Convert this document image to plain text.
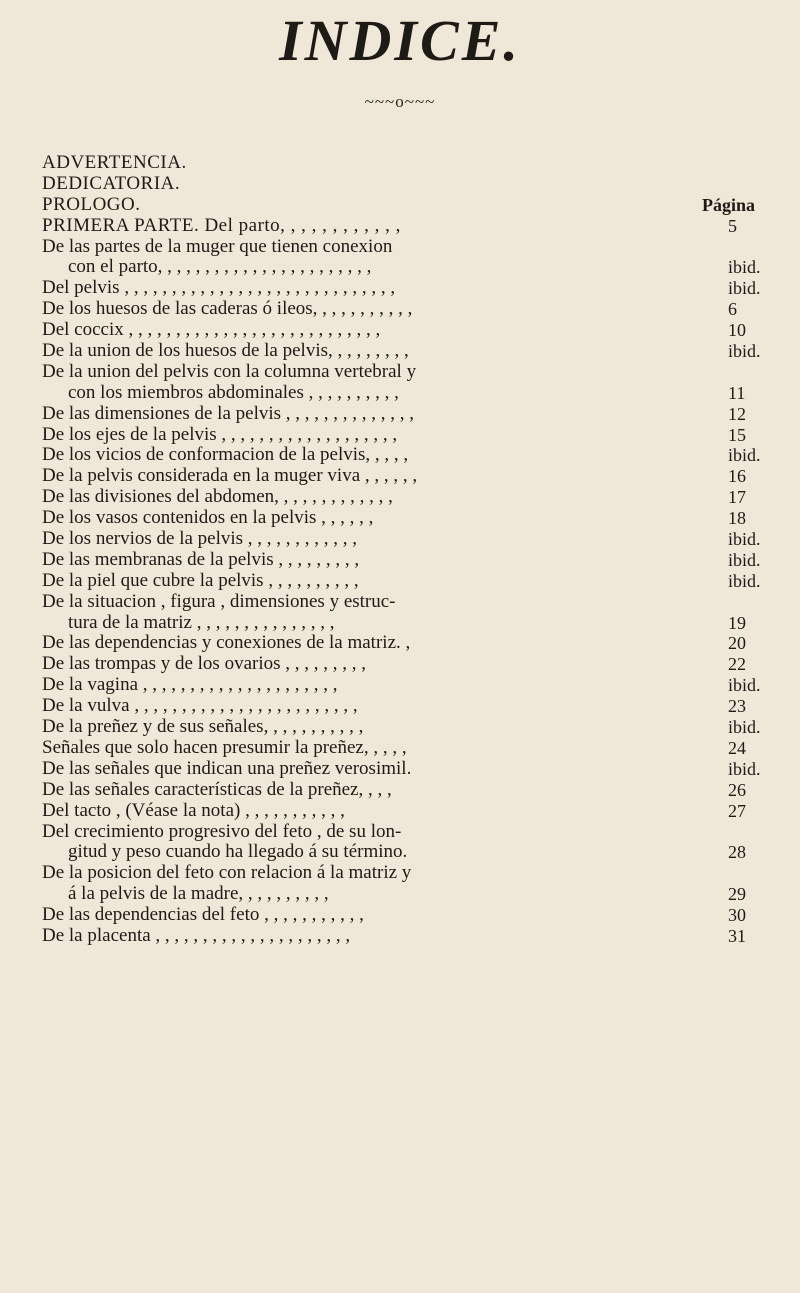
INDICE.
~~~o~~~
ADVERTENCIA.
DEDICATORIA.
PROLOGO.	Página
PRIMERA PARTE. Del parto, , , , , , , , , , , ,	5
De las partes de la muger que tienen conexion
con el parto, , , , , , , , , , , , , , , , , , , , , , ,	ibid.
Del pelvis , , , , , , , , , , , , , , , , , , , , , , , , , , , , ,	ibid.
De los huesos de las caderas ó ileos, , , , , , , , , , ,	6
Del coccix , , , , , , , , , , , , , , , , , , , , , , , , , , ,	10
De la union de los huesos de la pelvis, , , , , , , , ,	ibid.
De la union del pelvis con la columna vertebral y
con los miembros abdominales , , , , , , , , , ,	11
De las dimensiones de la pelvis , , , , , , , , , , , , , ,	12
De los ejes de la pelvis , , , , , , , , , , , , , , , , , , ,	15
De los vicios de conformacion de la pelvis, , , , ,	ibid.
De la pelvis considerada en la muger viva , , , , , ,	16
De las divisiones del abdomen, , , , , , , , , , , , ,	17
De los vasos contenidos en la pelvis , , , , , ,	18
De los nervios de la pelvis , , , , , , , , , , , ,	ibid.
De las membranas de la pelvis , , , , , , , , ,	ibid.
De la piel que cubre la pelvis , , , , , , , , , ,	ibid.
De la situacion , figura , dimensiones y estruc-
tura de la matriz , , , , , , , , , , , , , , ,	19
De las dependencias y conexiones de la matriz. ,	20
De las trompas y de los ovarios , , , , , , , , ,	22
De la vagina , , , , , , , , , , , , , , , , , , , , ,	ibid.
De la vulva , , , , , , , , , , , , , , , , , , , , , , , ,	23
De la preñez y de sus señales, , , , , , , , , , ,	ibid.
Señales que solo hacen presumir la preñez, , , , ,	24
De las señales que indican una preñez verosimil.	ibid.
De las señales características de la preñez, , , ,	26
Del tacto , (Véase la nota) , , , , , , , , , , ,	27
Del crecimiento progresivo del feto , de su lon-
gitud y peso cuando ha llegado á su término.	28
De la posicion del feto con relacion á la matriz y
á la pelvis de la madre, , , , , , , , , ,	29
De las dependencias del feto , , , , , , , , , , ,	30
De la placenta , , , , , , , , , , , , , , , , , , , , ,	31
